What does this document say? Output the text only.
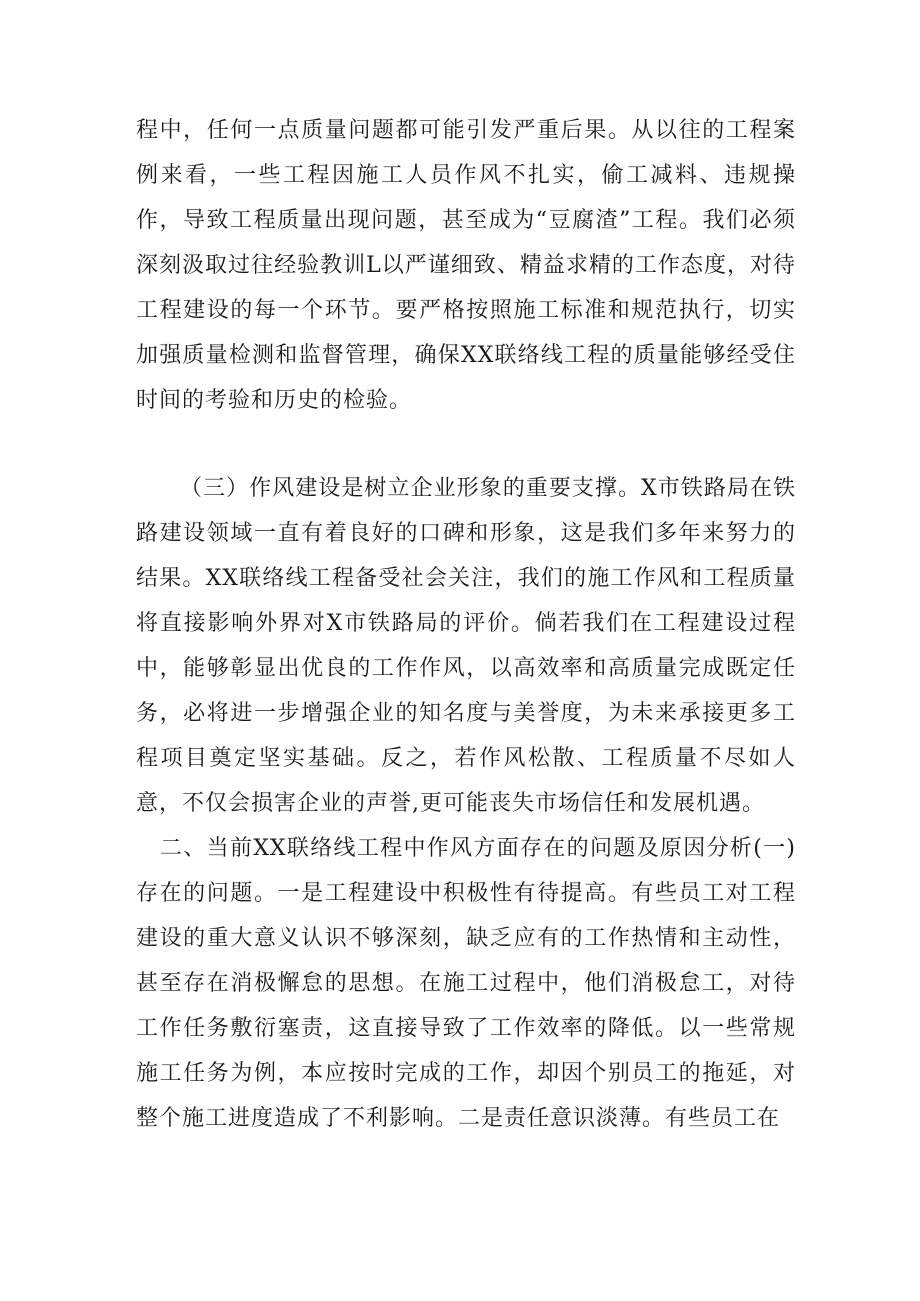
程中，任何一点质量问题都可能引发严重后果。从以往的工程案例来看，一些工程因施工人员作风不扎实，偷工减料、违规操作，导致工程质量出现问题，甚至成为“豆腐渣”工程。我们必须深刻汲取过往经验教训L以严谨细致、精益求精的工作态度，对待工程建设的每一个环节。要严格按照施工标准和规范执行，切实加强质量检测和监督管理，确保XX联络线工程的质量能够经受住时间的考验和历史的检验。

（三）作风建设是树立企业形象的重要支撑。X市铁路局在铁路建设领域一直有着良好的口碑和形象，这是我们多年来努力的结果。XX联络线工程备受社会关注，我们的施工作风和工程质量将直接影响外界对X市铁路局的评价。倘若我们在工程建设过程中，能够彰显出优良的工作作风，以高效率和高质量完成既定任务，必将进一步增强企业的知名度与美誉度，为未来承接更多工程项目奠定坚实基础。反之，若作风松散、工程质量不尽如人意，不仅会损害企业的声誉,更可能丧失市场信任和发展机遇。

二、当前XX联络线工程中作风方面存在的问题及原因分析(一)存在的问题。一是工程建设中积极性有待提高。有些员工对工程建设的重大意义认识不够深刻，缺乏应有的工作热情和主动性，甚至存在消极懈怠的思想。在施工过程中，他们消极怠工，对待工作任务敷衍塞责，这直接导致了工作效率的降低。以一些常规施工任务为例，本应按时完成的工作，却因个别员工的拖延，对整个施工进度造成了不利影响。二是责任意识淡薄。有些员工在
